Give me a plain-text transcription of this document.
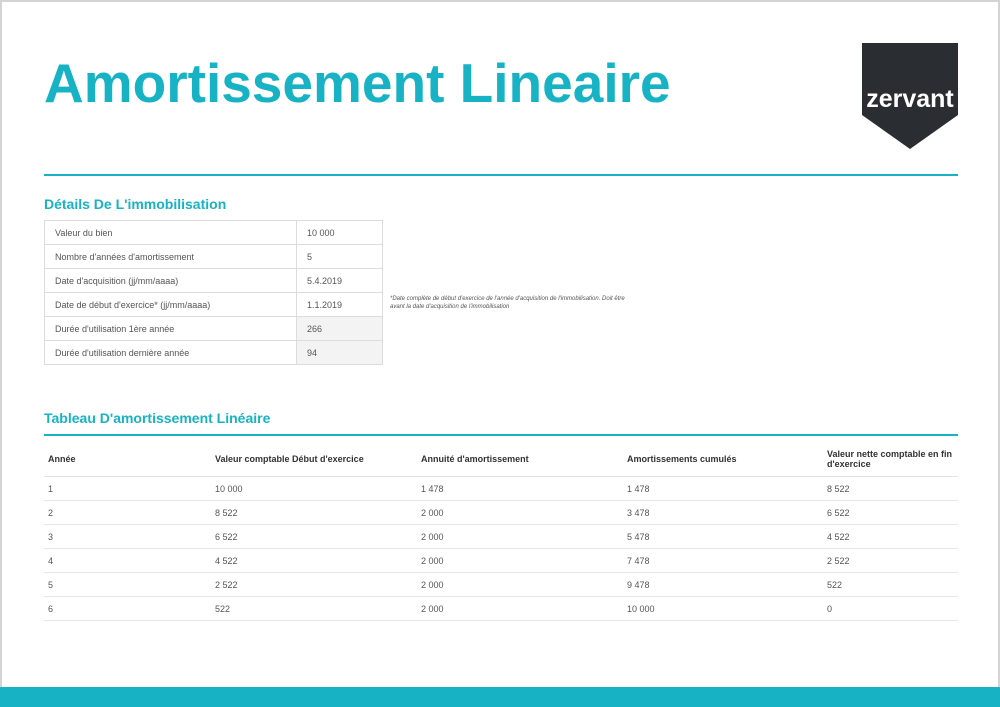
Amortissement Lineaire	zervant
Détails De L'immobilisation
Valeur du bien	10 000
Nombre d'années d'amortissement	5
Date d'acquisition (jj/mm/aaaa)	5.4.2019
Date de début d'exercice* (jj/mm/aaaa)	1.1.2019
Durée d'utilisation 1ère année	266
Durée d'utilisation dernière année	94

*Date complète de début d'exercice de l'année d'acquisition de l'immobilisation. Doit être avant la date d'acquisition de l'immobilisation

Tableau D'amortissement Linéaire
Année	Valeur comptable Début d'exercice	Annuité d'amortissement	Amortissements cumulés	Valeur nette comptable en fin d'exercice
1	10 000	1 478	1 478	8 522
2	8 522	2 000	3 478	6 522
3	6 522	2 000	5 478	4 522
4	4 522	2 000	7 478	2 522
5	2 522	2 000	9 478	522
6	522	2 000	10 000	0
